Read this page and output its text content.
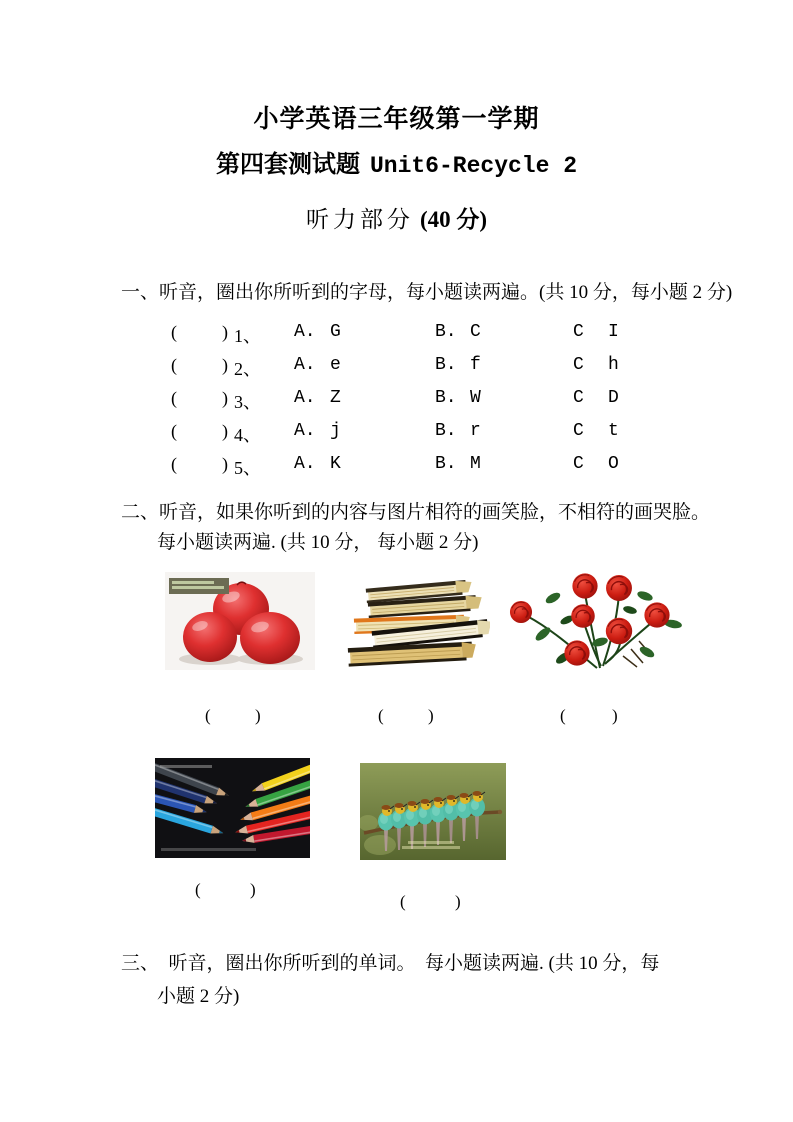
小学英语三年级第一学期
第四套测试题 Unit6-Recycle 2
听力部分 (40 分)
一、听音，圈出你所听到的字母，每小题读两遍。(共 10 分，每小题 2 分)
(	) 1、 A. G	B. C	C I
(	) 2、 A. e	B. f	C h
(	) 3、 A. Z	B. W	C D
(	) 4、 A. j	B. r	C t
(	) 5、 A. K	B. M	C O
二、听音，如果你听到的内容与图片相符的画笑脸，不相符的画哭脸。
每小题读两遍. (共 10 分， 每小题 2 分)
(	)	(	)	(	)
(	)
(	)
三、　听音，圈出你所听到的单词。　每小题读两遍. (共 10 分，每
小题 2 分)
